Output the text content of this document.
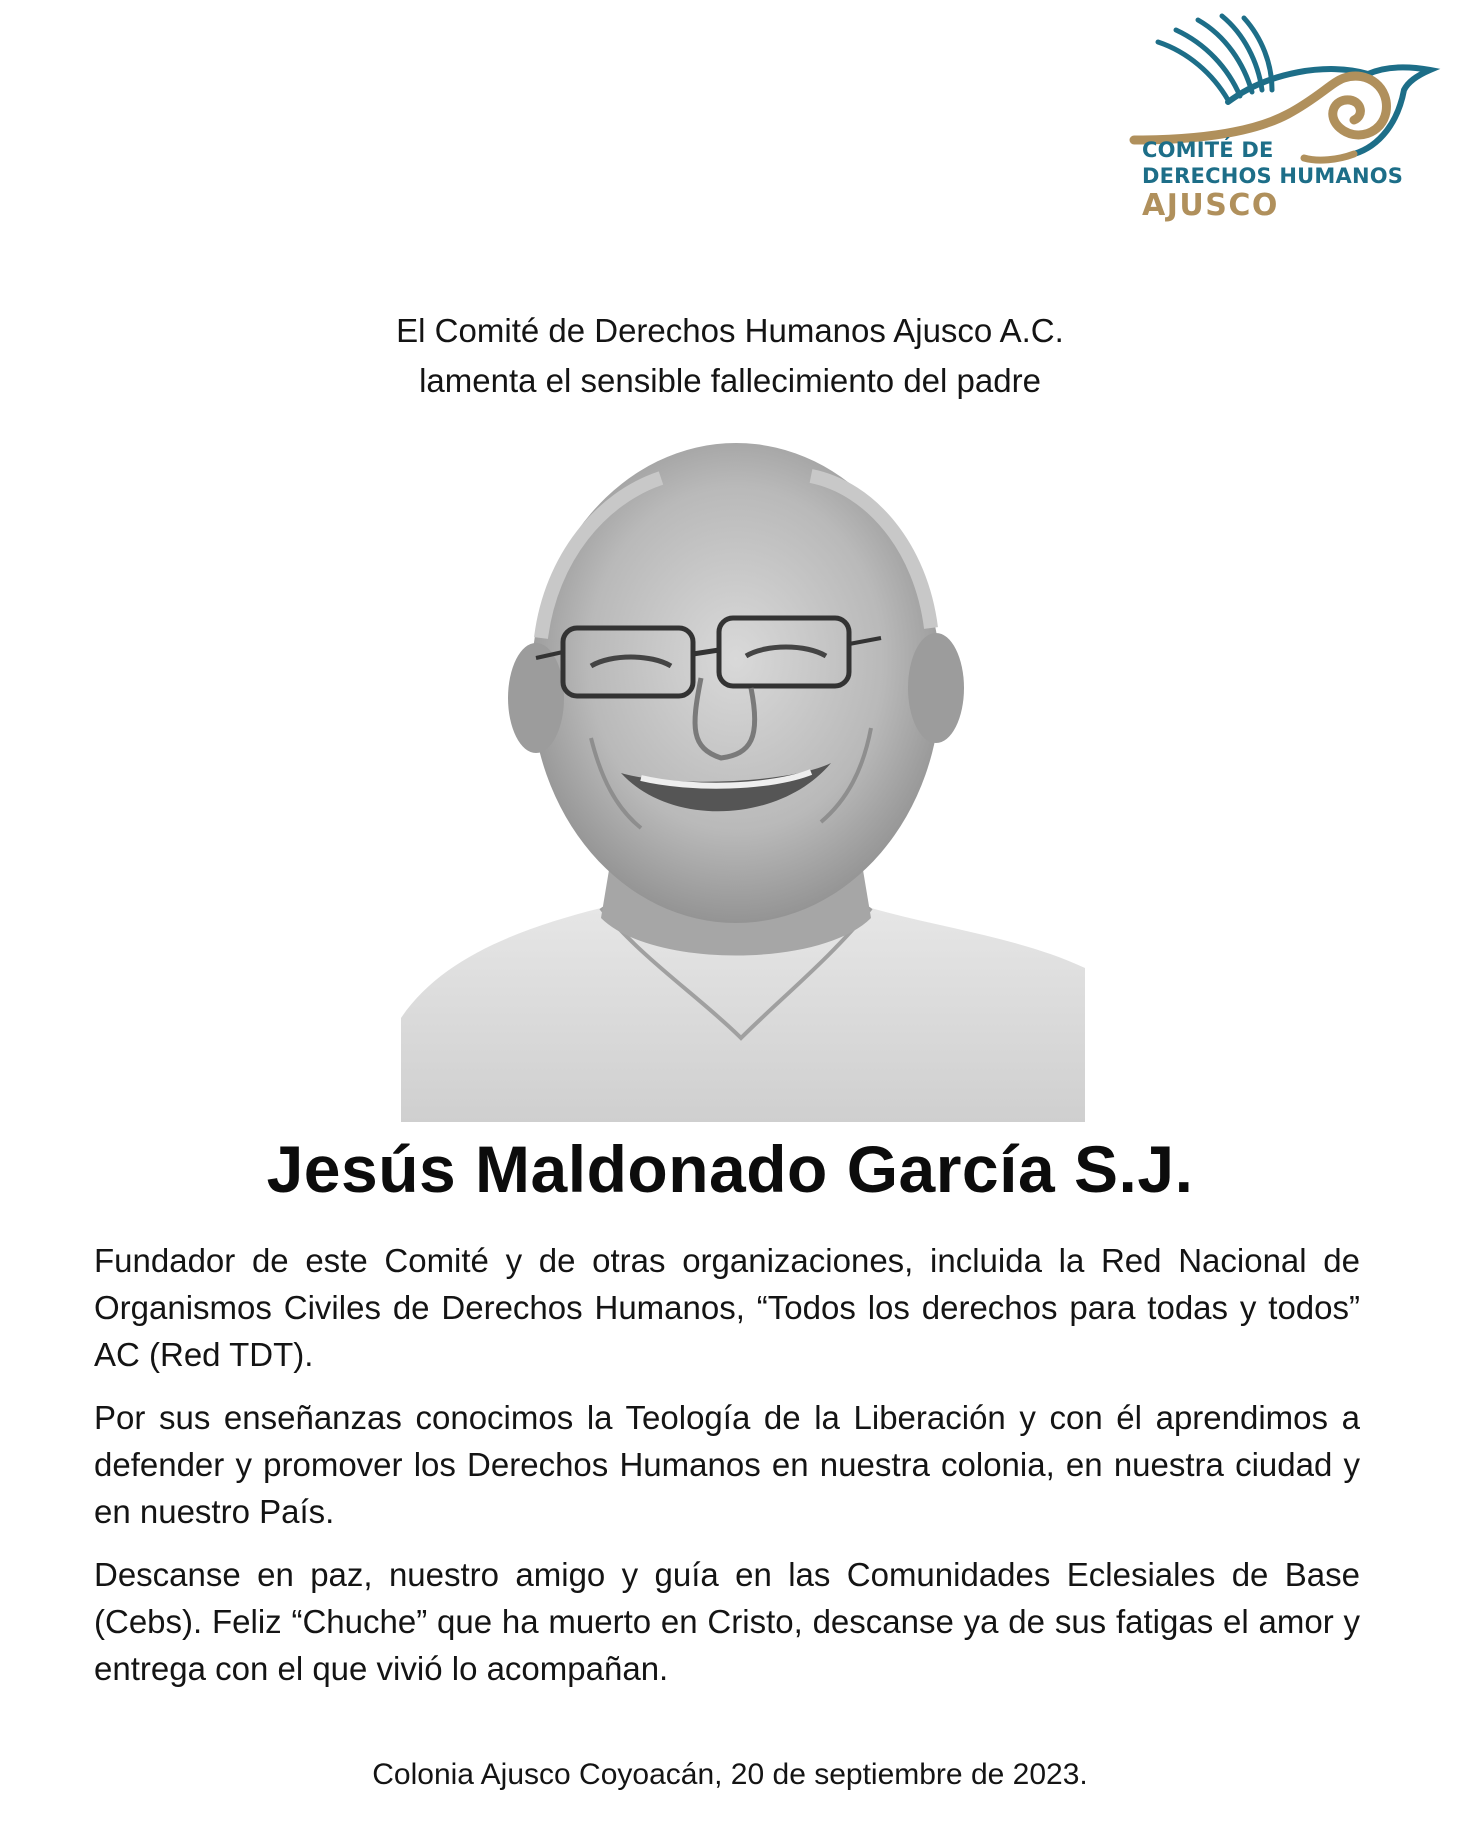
COMITÉ DE
DERECHOS HUMANOS
AJUSCO
El Comité de Derechos Humanos Ajusco A.C.
lamenta el sensible fallecimiento del padre
Jesús Maldonado García S.J.

Fundador de este Comité y de otras organizaciones, incluida la Red Nacional de Organismos Civiles de Derechos Humanos, “Todos los derechos para todas y todos” AC (Red TDT).

Por sus enseñanzas conocimos la Teología de la Liberación y con él aprendimos a defender y promover los Derechos Humanos en nuestra colonia, en nuestra ciudad y en nuestro País.

Descanse en paz, nuestro amigo y guía en las Comunidades Eclesiales de Base (Cebs). Feliz “Chuche” que ha muerto en Cristo, descanse ya de sus fatigas el amor y entrega con el que vivió lo acompañan.

Colonia Ajusco Coyoacán, 20 de septiembre de 2023.
